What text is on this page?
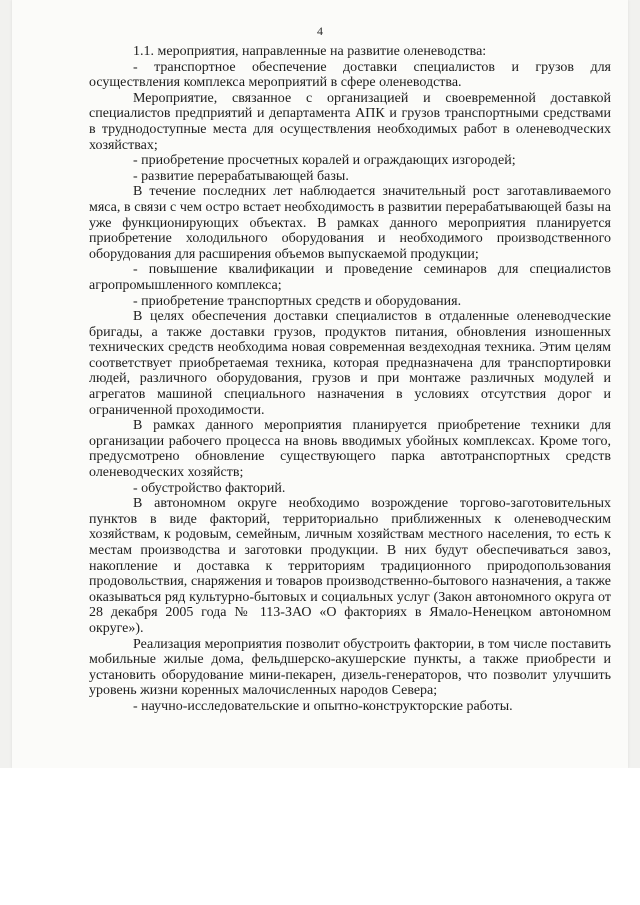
4

1.1. мероприятия, направленные на развитие оленеводства:

- транспортное обеспечение доставки специалистов и грузов для осуществления комплекса мероприятий в сфере оленеводства.

Мероприятие, связанное с организацией и своевременной доставкой специалистов предприятий и департамента АПК и грузов транспортными средствами в труднодоступные места для осуществления необходимых работ в оленеводческих хозяйствах;

- приобретение просчетных коралей и ограждающих изгородей;

- развитие перерабатывающей базы.

В течение последних лет наблюдается значительный рост заготавливаемого мяса, в связи с чем остро встает необходимость в развитии перерабатывающей базы на уже функционирующих объектах. В рамках данного мероприятия планируется приобретение холодильного оборудования и необходимого производственного оборудования для расширения объемов выпускаемой продукции;

- повышение квалификации и проведение семинаров для специалистов агропромышленного комплекса;

- приобретение транспортных средств и оборудования.

В целях обеспечения доставки специалистов в отдаленные оленеводческие бригады, а также доставки грузов, продуктов питания, обновления изношенных технических средств необходима новая современная вездеходная техника. Этим целям соответствует приобретаемая техника, которая предназначена для транспортировки людей, различного оборудования, грузов и при монтаже различных модулей и агрегатов машиной специального назначения в условиях отсутствия дорог и ограниченной проходимости.

В рамках данного мероприятия планируется приобретение техники для организации рабочего процесса на вновь вводимых убойных комплексах. Кроме того, предусмотрено обновление существующего парка автотранспортных средств оленеводческих хозяйств;

- обустройство факторий.

В автономном округе необходимо возрождение торгово-заготовительных пунктов в виде факторий, территориально приближенных к оленеводческим хозяйствам, к родовым, семейным, личным хозяйствам местного населения, то есть к местам производства и заготовки продукции. В них будут обеспечиваться завоз, накопление и доставка к территориям традиционного природопользования продовольствия, снаряжения и товаров производственно-бытового назначения, а также оказываться ряд культурно-бытовых и социальных услуг (Закон автономного округа от 28 декабря 2005 года № 113-ЗАО «О факториях в Ямало-Ненецком автономном округе»).

Реализация мероприятия позволит обустроить фактории, в том числе поставить мобильные жилые дома, фельдшерско-акушерские пункты, а также приобрести и установить оборудование мини-пекарен, дизель-генераторов, что позволит улучшить уровень жизни коренных малочисленных народов Севера;

- научно-исследовательские и опытно-конструкторские работы.
